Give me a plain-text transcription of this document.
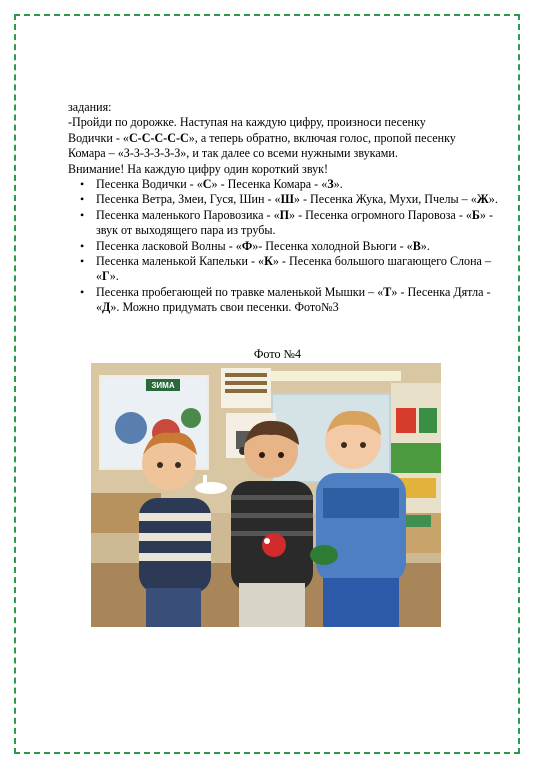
задания:

-Пройди по дорожке. Наступая на каждую цифру, произноси песенку

Водички - «С-С-С-С-С», а теперь обратно, включая голос, пропой песенку

Комара – «З-З-З-З-З-З», и так далее со всеми нужными звуками.

Внимание! На каждую цифру один короткий звук!

• Песенка Водички - «С» - Песенка Комара - «З».
• Песенка Ветра, Змеи, Гуся, Шин - «Ш» - Песенка Жука, Мухи, Пчелы – «Ж».
• Песенка маленького Паровозика - «П» - Песенка огромного Паровоза - «Б» - звук от выходящего пара из трубы.
• Песенка ласковой Волны - «Ф»- Песенка холодной Вьюги - «В».
• Песенка маленькой Капельки - «К» - Песенка большого шагающего Слона – «Г».
• Песенка пробегающей по травке маленькой Мышки – «Т» - Песенка Дятла - «Д». Можно придумать свои песенки. Фото№3
Фото №4
ЗИМА
